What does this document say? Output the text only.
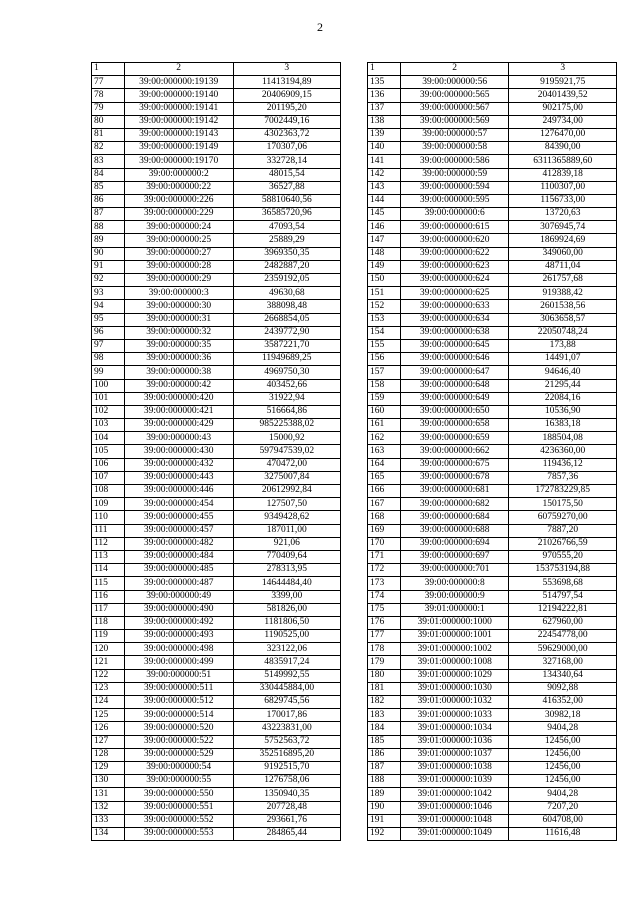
2
1	2	3
77	39:00:000000:19139	11413194,89
78	39:00:000000:19140	20406909,15
79	39:00:000000:19141	201195,20
80	39:00:000000:19142	7002449,16
81	39:00:000000:19143	4302363,72
82	39:00:000000:19149	170307,06
83	39:00:000000:19170	332728,14
84	39:00:000000:2	48015,54
85	39:00:000000:22	36527,88
86	39:00:000000:226	58810640,56
87	39:00:000000:229	36585720,96
88	39:00:000000:24	47093,54
89	39:00:000000:25	25889,29
90	39:00:000000:27	3969350,35
91	39:00:000000:28	2482887,20
92	39:00:000000:29	2359192,05
93	39:00:000000:3	49630,68
94	39:00:000000:30	388098,48
95	39:00:000000:31	2668854,05
96	39:00:000000:32	2439772,90
97	39:00:000000:35	3587221,70
98	39:00:000000:36	11949689,25
99	39:00:000000:38	4969750,30
100	39:00:000000:42	403452,66
101	39:00:000000:420	31922,94
102	39:00:000000:421	516664,86
103	39:00:000000:429	985225388,02
104	39:00:000000:43	15000,92
105	39:00:000000:430	597947539,02
106	39:00:000000:432	470472,00
107	39:00:000000:443	3275007,84
108	39:00:000000:446	20612992,84
109	39:00:000000:454	127507,50
110	39:00:000000:455	9349428,62
111	39:00:000000:457	187011,00
112	39:00:000000:482	921,06
113	39:00:000000:484	770409,64
114	39:00:000000:485	278313,95
115	39:00:000000:487	14644484,40
116	39:00:000000:49	3399,00
117	39:00:000000:490	581826,00
118	39:00:000000:492	1181806,50
119	39:00:000000:493	1190525,00
120	39:00:000000:498	323122,06
121	39:00:000000:499	4835917,24
122	39:00:000000:51	5149992,55
123	39:00:000000:511	330445884,00
124	39:00:000000:512	6829745,56
125	39:00:000000:514	170017,86
126	39:00:000000:520	43223831,00
127	39:00:000000:522	5752563,72
128	39:00:000000:529	352516895,20
129	39:00:000000:54	9192515,70
130	39:00:000000:55	1276758,06
131	39:00:000000:550	1350940,35
132	39:00:000000:551	207728,48
133	39:00:000000:552	293661,76
134	39:00:000000:553	284865,44
1	2	3
135	39:00:000000:56	9195921,75
136	39:00:000000:565	20401439,52
137	39:00:000000:567	902175,00
138	39:00:000000:569	249734,00
139	39:00:000000:57	1276470,00
140	39:00:000000:58	84390,00
141	39:00:000000:586	6311365889,60
142	39:00:000000:59	412839,18
143	39:00:000000:594	1100307,00
144	39:00:000000:595	1156733,00
145	39:00:000000:6	13720,63
146	39:00:000000:615	3076945,74
147	39:00:000000:620	1869924,69
148	39:00:000000:622	349060,00
149	39:00:000000:623	48711,04
150	39:00:000000:624	261757,68
151	39:00:000000:625	919388,42
152	39:00:000000:633	2601538,56
153	39:00:000000:634	3063658,57
154	39:00:000000:638	22050748,24
155	39:00:000000:645	173,88
156	39:00:000000:646	14491,07
157	39:00:000000:647	94646,40
158	39:00:000000:648	21295,44
159	39:00:000000:649	22084,16
160	39:00:000000:650	10536,90
161	39:00:000000:658	16383,18
162	39:00:000000:659	188504,08
163	39:00:000000:662	4236360,00
164	39:00:000000:675	119436,12
165	39:00:000000:678	7857,36
166	39:00:000000:681	172783229,85
167	39:00:000000:682	150175,50
168	39:00:000000:684	60759270,00
169	39:00:000000:688	7887,20
170	39:00:000000:694	21026766,59
171	39:00:000000:697	970555,20
172	39:00:000000:701	153753194,88
173	39:00:000000:8	553698,68
174	39:00:000000:9	514797,54
175	39:01:000000:1	12194222,81
176	39:01:000000:1000	627960,00
177	39:01:000000:1001	22454778,00
178	39:01:000000:1002	59629000,00
179	39:01:000000:1008	327168,00
180	39:01:000000:1029	134340,64
181	39:01:000000:1030	9092,88
182	39:01:000000:1032	416352,00
183	39:01:000000:1033	30982,18
184	39:01:000000:1034	9404,28
185	39:01:000000:1036	12456,00
186	39:01:000000:1037	12456,00
187	39:01:000000:1038	12456,00
188	39:01:000000:1039	12456,00
189	39:01:000000:1042	9404,28
190	39:01:000000:1046	7207,20
191	39:01:000000:1048	604708,00
192	39:01:000000:1049	11616,48
